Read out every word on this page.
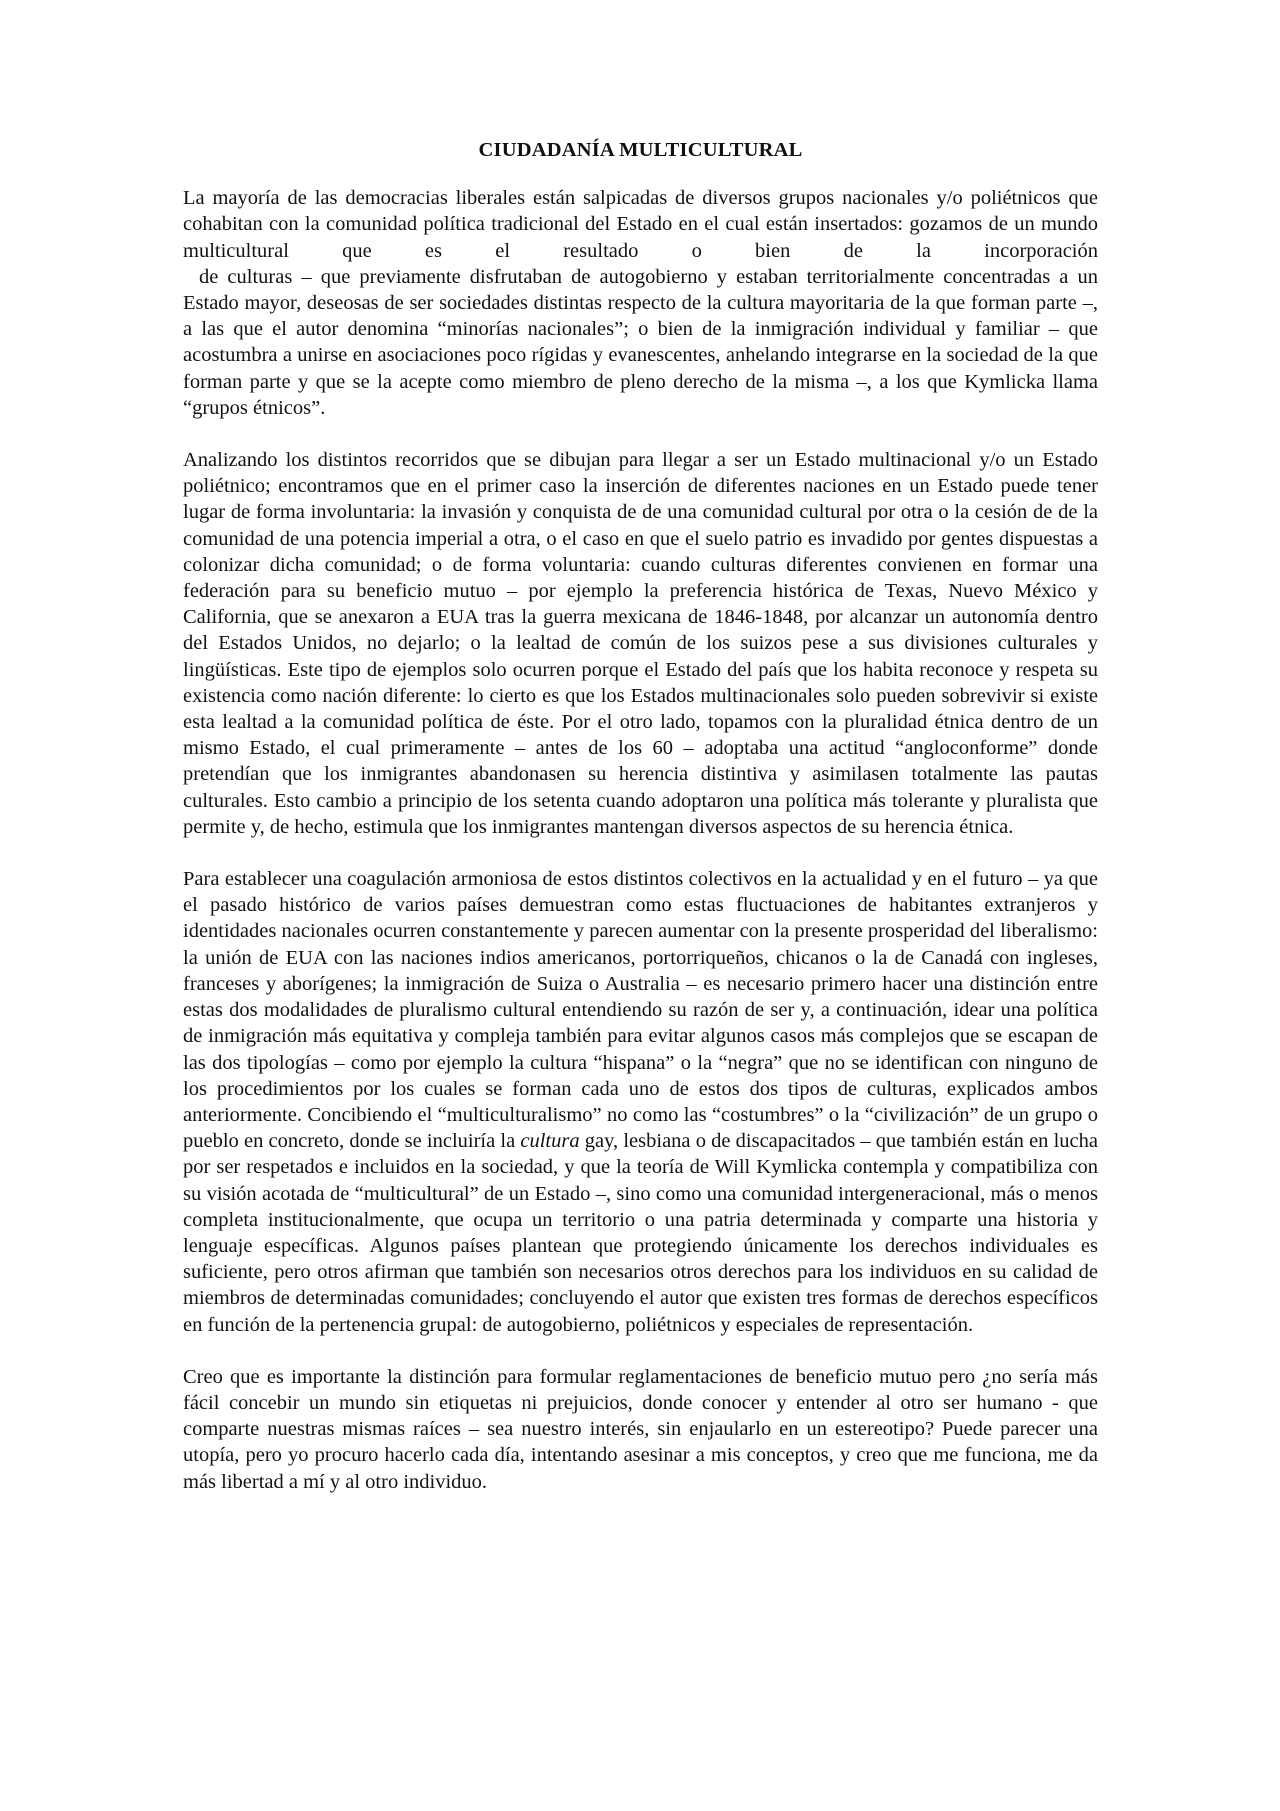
CIUDADANÍA MULTICULTURAL
La mayoría de las democracias liberales están salpicadas de diversos grupos nacionales y/o poliétnicos que cohabitan con la comunidad política tradicional del Estado en el cual están insertados: gozamos de un mundo multicultural que es el resultado o bien de la incorporación
de culturas – que previamente disfrutaban de autogobierno y estaban territorialmente concentradas a un Estado mayor, deseosas de ser sociedades distintas respecto de la cultura mayoritaria de la que forman parte –, a las que el autor denomina “minorías nacionales”; o bien de la inmigración individual y familiar – que acostumbra a unirse en asociaciones poco rígidas y evanescentes, anhelando integrarse en la sociedad de la que forman parte y que se la acepte como miembro de pleno derecho de la misma –, a los que Kymlicka llama “grupos étnicos”.
Analizando los distintos recorridos que se dibujan para llegar a ser un Estado multinacional y/o un Estado poliétnico; encontramos que en el primer caso la inserción de diferentes naciones en un Estado puede tener lugar de forma involuntaria: la invasión y conquista de de una comunidad cultural por otra o la cesión de de la comunidad de una potencia imperial a otra, o el caso en que el suelo patrio es invadido por gentes dispuestas a colonizar dicha comunidad; o de forma voluntaria: cuando culturas diferentes convienen en formar una federación para su beneficio mutuo – por ejemplo la preferencia histórica de Texas, Nuevo México y California, que se anexaron a EUA tras la guerra mexicana de 1846-1848, por alcanzar un autonomía dentro del Estados Unidos, no dejarlo; o la lealtad de común de los suizos pese a sus divisiones culturales y lingüísticas. Este tipo de ejemplos solo ocurren porque el Estado del país que los habita reconoce y respeta su existencia como nación diferente: lo cierto es que los Estados multinacionales solo pueden sobrevivir si existe esta lealtad a la comunidad política de éste. Por el otro lado, topamos con la pluralidad étnica dentro de un mismo Estado, el cual primeramente – antes de los 60 – adoptaba una actitud “angloconforme” donde pretendían que los inmigrantes abandonasen su herencia distintiva y asimilasen totalmente las pautas culturales. Esto cambio a principio de los setenta cuando adoptaron una política más tolerante y pluralista que permite y, de hecho, estimula que los inmigrantes mantengan diversos aspectos de su herencia étnica.
Para establecer una coagulación armoniosa de estos distintos colectivos en la actualidad y en el futuro – ya que el pasado histórico de varios países demuestran como estas fluctuaciones de habitantes extranjeros y identidades nacionales ocurren constantemente y parecen aumentar con la presente prosperidad del liberalismo: la unión de EUA con las naciones indios americanos, portorriqueños, chicanos o la de Canadá con ingleses, franceses y aborígenes; la inmigración de Suiza o Australia – es necesario primero hacer una distinción entre estas dos modalidades de pluralismo cultural entendiendo su razón de ser y, a continuación, idear una política de inmigración más equitativa y compleja también para evitar algunos casos más complejos que se escapan de las dos tipologías – como por ejemplo la cultura “hispana” o la “negra” que no se identifican con ninguno de los procedimientos por los cuales se forman cada uno de estos dos tipos de culturas, explicados ambos anteriormente. Concibiendo el “multiculturalismo” no como las “costumbres” o la “civilización” de un grupo o pueblo en concreto, donde se incluiría la cultura gay, lesbiana o de discapacitados – que también están en lucha por ser respetados e incluidos en la sociedad, y que la teoría de Will Kymlicka contempla y compatibiliza con su visión acotada de “multicultural” de un Estado –, sino como una comunidad intergeneracional, más o menos completa institucionalmente, que ocupa un territorio o una patria determinada y comparte una historia y lenguaje específicas. Algunos países plantean que protegiendo únicamente los derechos individuales es suficiente, pero otros afirman que también son necesarios otros derechos para los individuos en su calidad de miembros de determinadas comunidades; concluyendo el autor que existen tres formas de derechos específicos en función de la pertenencia grupal: de autogobierno, poliétnicos y especiales de representación.
Creo que es importante la distinción para formular reglamentaciones de beneficio mutuo pero ¿no sería más fácil concebir un mundo sin etiquetas ni prejuicios, donde conocer y entender al otro ser humano - que comparte nuestras mismas raíces – sea nuestro interés, sin enjaularlo en un estereotipo? Puede parecer una utopía, pero yo procuro hacerlo cada día, intentando asesinar a mis conceptos, y creo que me funciona, me da más libertad a mí y al otro individuo.
